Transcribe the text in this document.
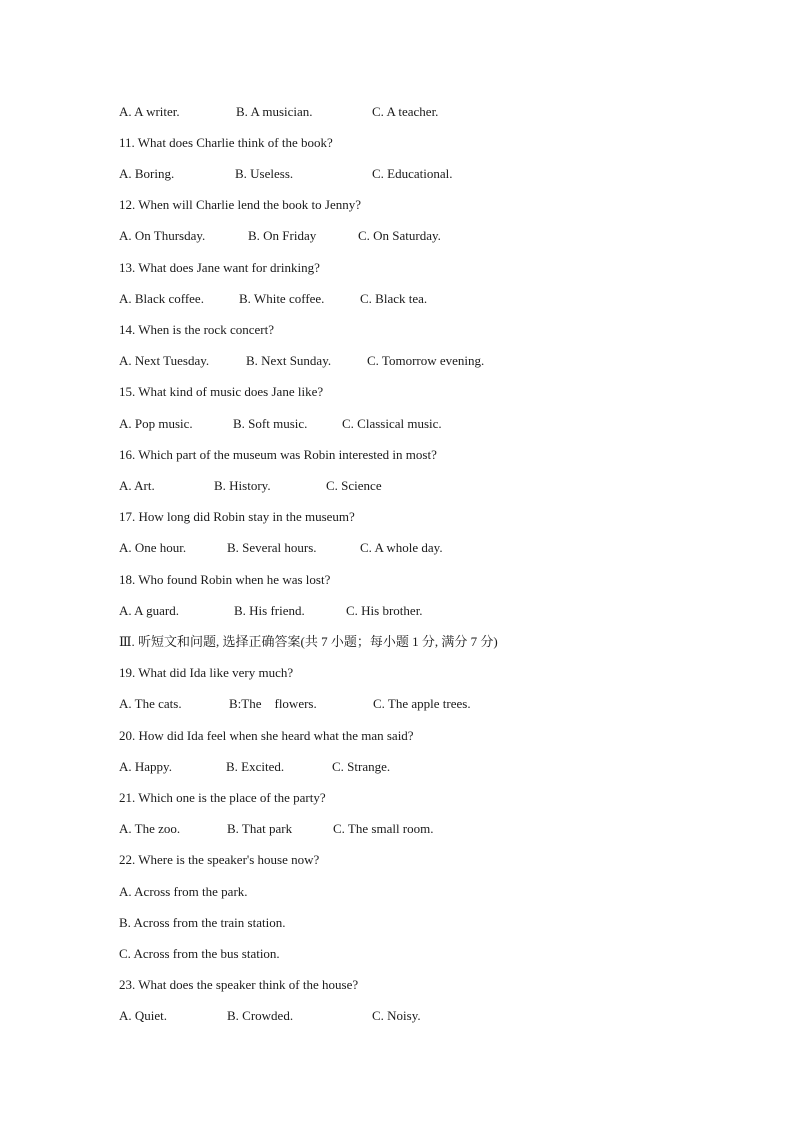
A. A writer.	B. A musician.	C. A teacher.
11. What does Charlie think of the book?
A. Boring.	B. Useless.	C. Educational.
12. When will Charlie lend the book to Jenny?
A. On Thursday.	B. On Friday	C. On Saturday.
13. What does Jane want for drinking?
A. Black coffee.	B. White coffee.	C. Black tea.
14. When is the rock concert?
A. Next Tuesday.	B. Next Sunday.	C. Tomorrow evening.
15. What kind of music does Jane like?
A. Pop music.	B. Soft music.	C. Classical music.
16. Which part of the museum was Robin interested in most?
A. Art.	B. History.	C. Science
17. How long did Robin stay in the museum?
A. One hour.	B. Several hours.	C. A whole day.
18. Who found Robin when he was lost?
A. A guard.	B. His friend.	C. His brother.
Ⅲ. 听短文和问题, 选择正确答案(共 7 小题；每小题 1 分, 满分 7 分)
19. What did Ida like very much?
A. The cats.	B:The    flowers.	C. The apple trees.
20. How did Ida feel when she heard what the man said?
A. Happy.	B. Excited.	C. Strange.
21. Which one is the place of the party?
A. The zoo.	B. That park	C. The small room.
22. Where is the speaker's house now?
A. Across from the park.
B. Across from the train station.
C. Across from the bus station.
23. What does the speaker think of the house?
A. Quiet.	B. Crowded.	C. Noisy.
